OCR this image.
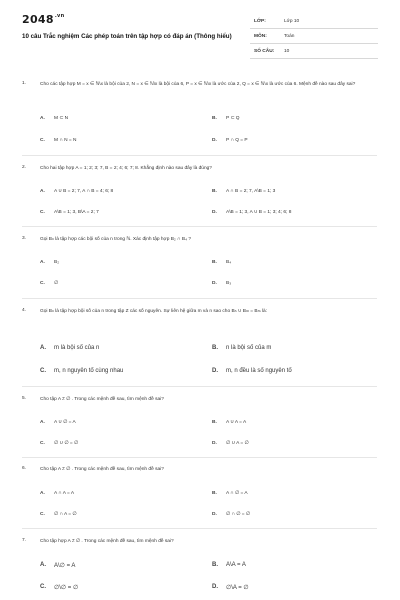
$2048^{.vn}$
10 câu Trắc nghiệm Các phép toán trên tập hợp có đáp án (Thông hiểu)
LỚP:	Lớp 10
MÔN:	Toán
SỐ CÂU: 10
1.	Cho các tập hợp M = x ∈ ℕ\x là bội của 2, N = x ∈ ℕ\x là bội của 6, P = x ∈ ℕ\x là ước của 2, Q = x ∈ ℕ\x là ước của 6. Mệnh đề nào sau đây sai?
A. M ⊂ N	B. P ⊂ Q
C. M ∩ N = N	D. P ∩ Q = P
2.	Cho hai tập hợp A = 1; 2; 3; 7, B = 2; 4; 6; 7; 8. Khẳng định nào sau đây là đúng?
A. A ∪ B = 2; 7, A ∩ B = 4; 6; 8	B. A ∩ B = 2; 7, A\B = 1; 3
C. A\B = 1; 3, B\A = 2; 7	D. A\B = 1; 3, A ∪ B = 1; 3; 4; 6; 8
3.	Gọi Bₙ là tập hợp các bội số của n trong ℕ. Xác định tập hợp B₂ ∩ B₄ ?
A. B₂	B. B₄
C. ∅	D. B₃
4.	Gọi Bₙ là tập hợp bội số của n trong tập Z các số nguyên. Sự liên hệ giữa m và n sao cho Bₙ ∪ Bₘ = Bₘ là:
A. m là bội số của n	B. n là bội số của m
C. m, n nguyên tố cùng nhau	D. m, n đều là số nguyên tố
5.	Cho tập A ≠ ∅ . Trong các mệnh đề sau, tìm mệnh đề sai?
A. A ∪ ∅ = A	B. A ∪ A = A
C. ∅ ∪ ∅ = ∅	D. ∅ ∪ A = ∅
6.	Cho tập A ≠ ∅ . Trong các mệnh đề sau, tìm mệnh đề sai?
A. A ∩ A = A	B. A ∩ ∅ = A
C. ∅ ∩ A = ∅	D. ∅ ∩ ∅ = ∅
7.	Cho tập hợp A ≠ ∅ . Trong các mệnh đề sau, tìm mệnh đề sai?
A. A\∅ = A	B. A\A = A
C. ∅\∅ = ∅	D. ∅\A = ∅
